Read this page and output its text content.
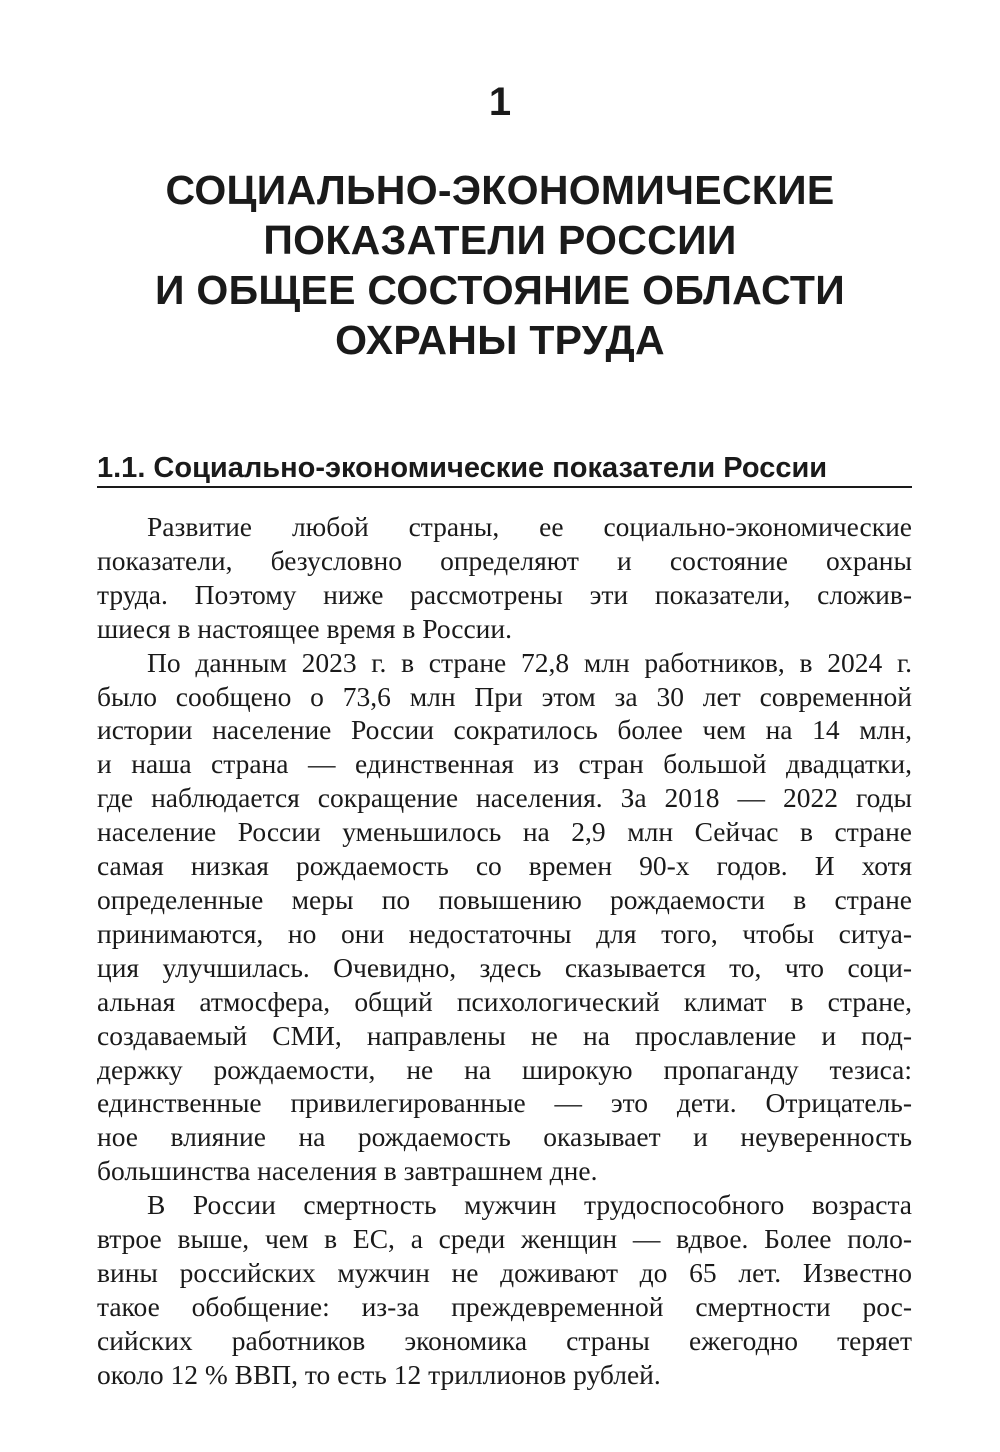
1
СОЦИАЛЬНО-ЭКОНОМИЧЕСКИЕ
ПОКАЗАТЕЛИ РОССИИ
И ОБЩЕЕ СОСТОЯНИЕ ОБЛАСТИ
ОХРАНЫ ТРУДА
1.1. Социально-экономические показатели России
Развитие любой страны, ее социально-экономические
показатели, безусловно определяют и состояние охраны
труда. Поэтому ниже рассмотрены эти показатели, сложив-
шиеся в настоящее время в России.
По данным 2023 г. в стране 72,8 млн работников, в 2024 г.
было сообщено о 73,6 млн При этом за 30 лет современной
истории население России сократилось более чем на 14 млн,
и наша страна — единственная из стран большой двадцатки,
где наблюдается сокращение населения. За 2018 — 2022 годы
население России уменьшилось на 2,9 млн Сейчас в стране
самая низкая рождаемость со времен 90-х годов. И хотя
определенные меры по повышению рождаемости в стране
принимаются, но они недостаточны для того, чтобы ситуа-
ция улучшилась. Очевидно, здесь сказывается то, что соци-
альная атмосфера, общий психологический климат в стране,
создаваемый СМИ, направлены не на прославление и под-
держку рождаемости, не на широкую пропаганду тезиса:
единственные привилегированные — это дети. Отрицатель-
ное влияние на рождаемость оказывает и неуверенность
большинства населения в завтрашнем дне.
В России смертность мужчин трудоспособного возраста
втрое выше, чем в ЕС, а среди женщин — вдвое. Более поло-
вины российских мужчин не доживают до 65 лет. Известно
такое обобщение: из-за преждевременной смертности рос-
сийских работников экономика страны ежегодно теряет
около 12 % ВВП, то есть 12 триллионов рублей.
